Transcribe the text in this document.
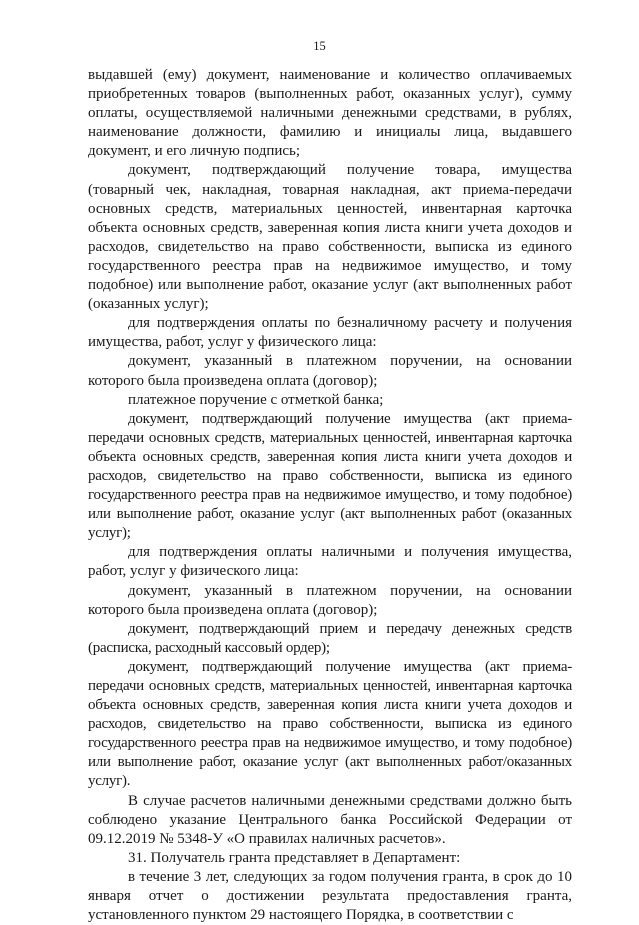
15

выдавшей (ему) документ, наименование и количество оплачиваемых приобретенных товаров (выполненных работ, оказанных услуг), сумму оплаты, осуществляемой наличными денежными средствами, в рублях, наименование должности, фамилию и инициалы лица, выдавшего документ, и его личную подпись;

документ, подтверждающий получение товара, имущества (товарный чек, накладная, товарная накладная, акт приема-передачи основных средств, материальных ценностей, инвентарная карточка объекта основных средств, заверенная копия листа книги учета доходов и расходов, свидетельство на право собственности, выписка из единого государственного реестра прав на недвижимое имущество, и тому подобное) или выполнение работ, оказание услуг (акт выполненных работ (оказанных услуг);

для подтверждения оплаты по безналичному расчету и получения имущества, работ, услуг у физического лица:

документ, указанный в платежном поручении, на основании которого была произведена оплата (договор);

платежное поручение с отметкой банка;

документ, подтверждающий получение имущества (акт приема-передачи основных средств, материальных ценностей, инвентарная карточка объекта основных средств, заверенная копия листа книги учета доходов и расходов, свидетельство на право собственности, выписка из единого государственного реестра прав на недвижимое имущество, и тому подобное) или выполнение работ, оказание услуг (акт выполненных работ (оказанных услуг);

для подтверждения оплаты наличными и получения имущества, работ, услуг у физического лица:

документ, указанный в платежном поручении, на основании которого была произведена оплата (договор);

документ, подтверждающий прием и передачу денежных средств (расписка, расходный кассовый ордер);

документ, подтверждающий получение имущества (акт приема-передачи основных средств, материальных ценностей, инвентарная карточка объекта основных средств, заверенная копия листа книги учета доходов и расходов, свидетельство на право собственности, выписка из единого государственного реестра прав на недвижимое имущество, и тому подобное) или выполнение работ, оказание услуг (акт выполненных работ/оказанных услуг).

В случае расчетов наличными денежными средствами должно быть соблюдено указание Центрального банка Российской Федерации от 09.12.2019 № 5348-У «О правилах наличных расчетов».

31. Получатель гранта представляет в Департамент:

в течение 3 лет, следующих за годом получения гранта, в срок до 10 января отчет о достижении результата предоставления гранта, установленного пунктом 29 настоящего Порядка, в соответствии с
